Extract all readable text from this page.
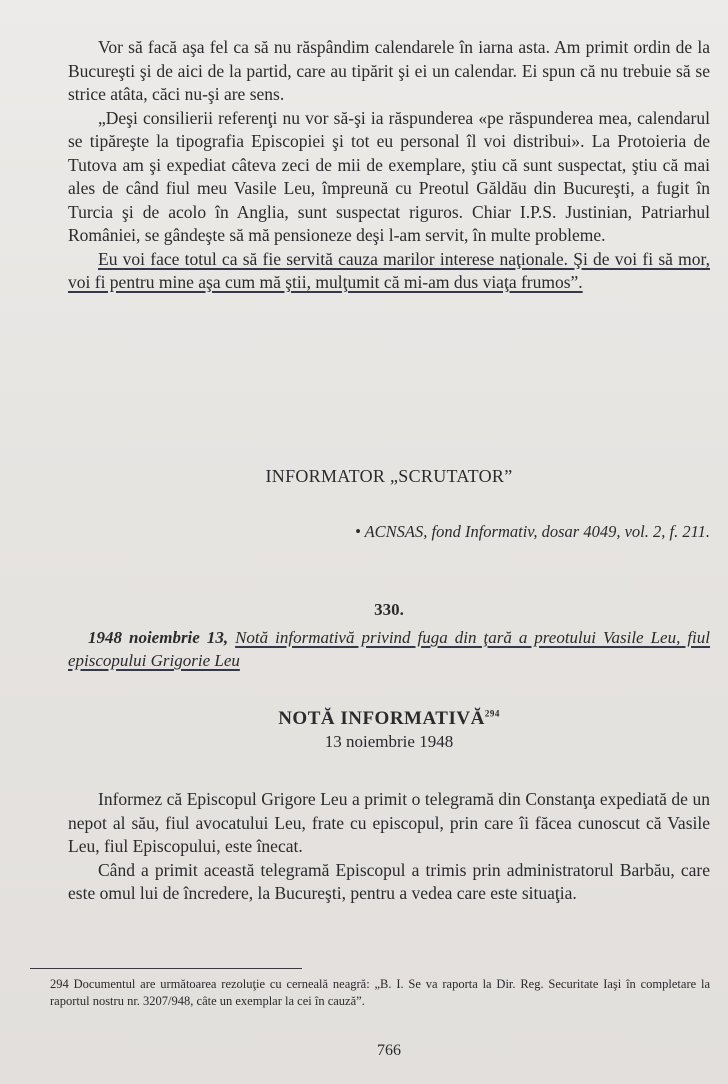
Vor să facă aşa fel ca să nu răspândim calendarele în iarna asta. Am primit ordin de la Bucureşti şi de aici de la partid, care au tipărit şi ei un calendar. Ei spun că nu trebuie să se strice atâta, căci nu-şi are sens.

„Deşi consilierii referenţi nu vor să-şi ia răspunderea «pe răspunderea mea, calendarul se tipăreşte la tipografia Episcopiei şi tot eu personal îl voi distribui». La Protoieria de Tutova am şi expediat câteva zeci de mii de exemplare, ştiu că sunt suspectat, ştiu că mai ales de când fiul meu Vasile Leu, împreună cu Preotul Găldău din Bucureşti, a fugit în Turcia şi de acolo în Anglia, sunt suspectat riguros. Chiar I.P.S. Justinian, Patriarhul României, se gândeşte să mă pensioneze deşi l-am servit, în multe probleme.

Eu voi face totul ca să fie servită cauza marilor interese naţionale. Şi de voi fi să mor, voi fi pentru mine aşa cum mă ştii, mulţumit că mi-am dus viaţa frumos”.

INFORMATOR „SCRUTATOR”

• ACNSAS, fond Informativ, dosar 4049, vol. 2, f. 211.

330.

1948 noiembrie 13, Notă informativă privind fuga din ţară a preotului Vasile Leu, fiul episcopului Grigorie Leu

NOTĂ INFORMATIVĂ$^{294}$

13 noiembrie 1948

Informez că Episcopul Grigore Leu a primit o telegramă din Constanţa expediată de un nepot al său, fiul avocatului Leu, frate cu episcopul, prin care îi făcea cunoscut că Vasile Leu, fiul Episcopului, este înecat.

Când a primit această telegramă Episcopul a trimis prin administratorul Barbău, care este omul lui de încredere, la Bucureşti, pentru a vedea care este situaţia.

294 Documentul are următoarea rezoluţie cu cerneală neagră: „B. I. Se va raporta la Dir. Reg. Securitate Iaşi în completare la raportul nostru nr. 3207/948, câte un exemplar la cei în cauză”.

766
